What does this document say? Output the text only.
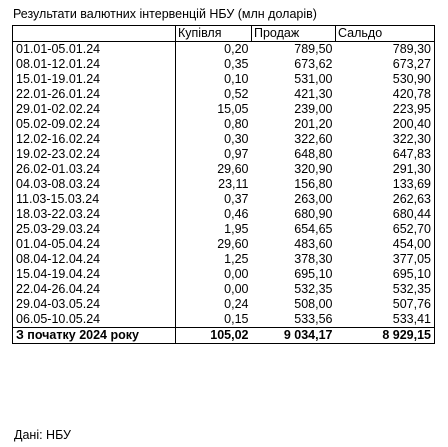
Результати валютних інтервенцій НБУ (млн доларів)
	Купівля	Продаж	Сальдо
01.01-05.01.24	0,20	789,50	789,30
08.01-12.01.24	0,35	673,62	673,27
15.01-19.01.24	0,10	531,00	530,90
22.01-26.01.24	0,52	421,30	420,78
29.01-02.02.24	15,05	239,00	223,95
05.02-09.02.24	0,80	201,20	200,40
12.02-16.02.24	0,30	322,60	322,30
19.02-23.02.24	0,97	648,80	647,83
26.02-01.03.24	29,60	320,90	291,30
04.03-08.03.24	23,11	156,80	133,69
11.03-15.03.24	0,37	263,00	262,63
18.03-22.03.24	0,46	680,90	680,44
25.03-29.03.24	1,95	654,65	652,70
01.04-05.04.24	29,60	483,60	454,00
08.04-12.04.24	1,25	378,30	377,05
15.04-19.04.24	0,00	695,10	695,10
22.04-26.04.24	0,00	532,35	532,35
29.04-03.05.24	0,24	508,00	507,76
06.05-10.05.24	0,15	533,56	533,41
З початку 2024 року	105,02	9 034,17	8 929,15
Дані: НБУ
